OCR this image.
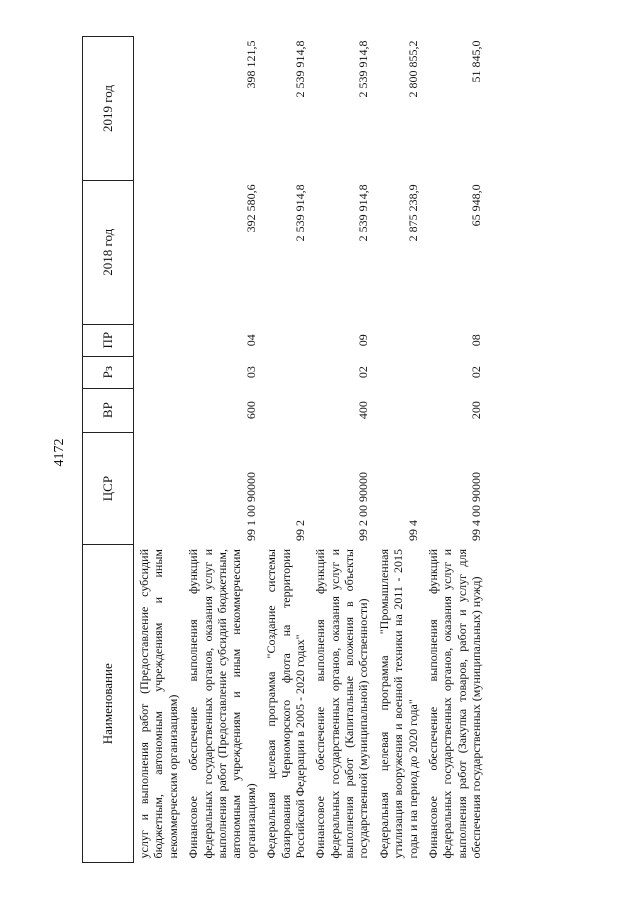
4172
Наименование	ЦСР	ВР	Рз	ПР	2018 год	2019 год
услуг и выполнения работ (Предоставление субсидий бюджетным, автономным учреждениям и иным некоммерческим организациям)						
Финансовое обеспечение выполнения функций федеральных государственных органов, оказания услуг и выполнения работ (Предоставление субсидий бюджетным, автономным учреждениям и иным некоммерческим организациям)	99 1 00 90000	600	03	04	392 580,6	398 121,5
Федеральная целевая программа "Создание системы базирования Черноморского флота на территории Российской Федерации в 2005 - 2020 годах"	99 2				2 539 914,8	2 539 914,8
Финансовое обеспечение выполнения функций федеральных государственных органов, оказания услуг и выполнения работ (Капитальные вложения в объекты государственной (муниципальной) собственности)	99 2 00 90000	400	02	09	2 539 914,8	2 539 914,8
Федеральная целевая программа "Промышленная утилизация вооружения и военной техники на 2011 - 2015 годы и на период до 2020 года"	99 4				2 875 238,9	2 800 855,2
Финансовое обеспечение выполнения функций федеральных государственных органов, оказания услуг и выполнения работ (Закупка товаров, работ и услуг для обеспечения государственных (муниципальных) нужд)	99 4 00 90000	200	02	08	65 948,0	51 845,0
